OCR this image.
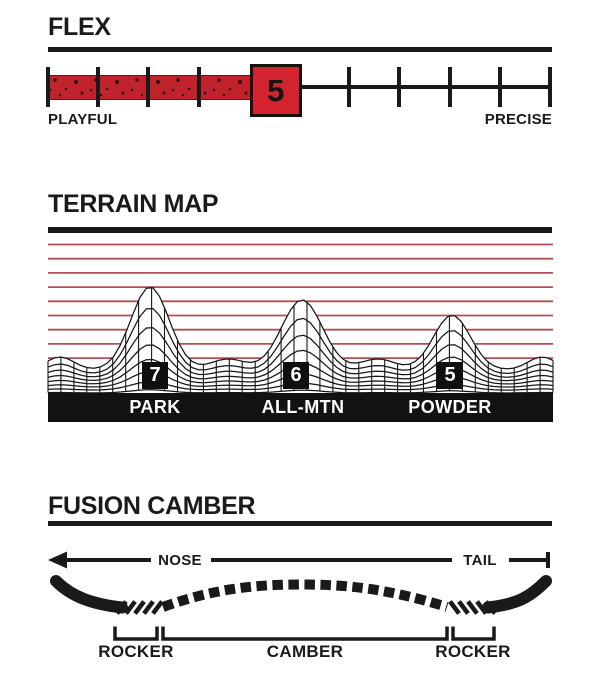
FLEX
5
PLAYFUL	PRECISE
TERRAIN MAP
7	6	5
PARK	ALL-MTN	POWDER
FUSION CAMBER
NOSE	TAIL
ROCKER	CAMBER	ROCKER
